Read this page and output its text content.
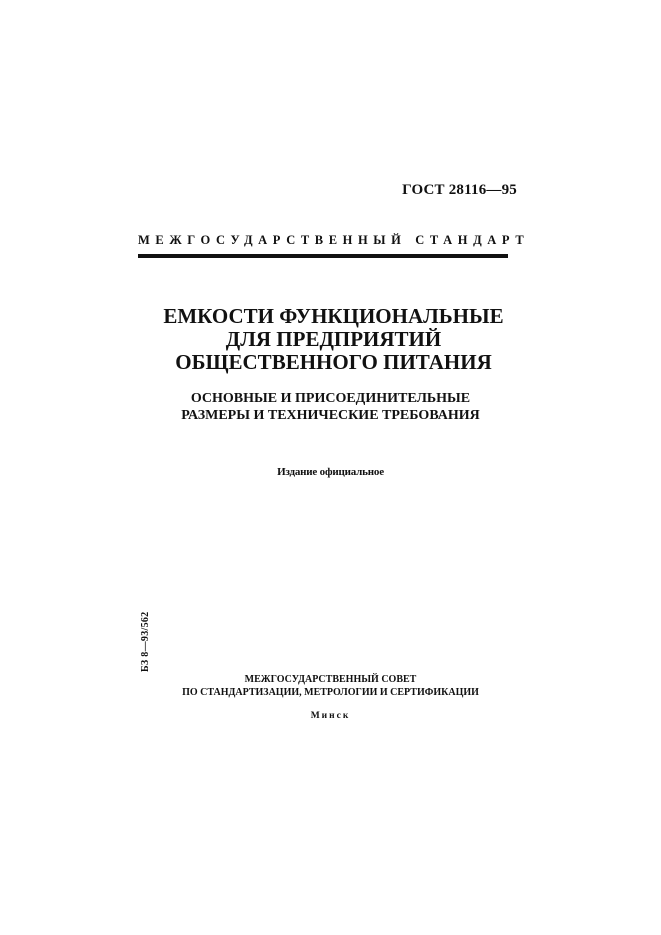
ГОСТ 28116—95
МЕЖГОСУДАРСТВЕННЫЙ СТАНДАРТ
ЕМКОСТИ ФУНКЦИОНАЛЬНЫЕ
ДЛЯ ПРЕДПРИЯТИЙ
ОБЩЕСТВЕННОГО ПИТАНИЯ
ОСНОВНЫЕ И ПРИСОЕДИНИТЕЛЬНЫЕ
РАЗМЕРЫ И ТЕХНИЧЕСКИЕ ТРЕБОВАНИЯ
Издание официальное
БЗ 8—93/562
МЕЖГОСУДАРСТВЕННЫЙ СОВЕТ
ПО СТАНДАРТИЗАЦИИ, МЕТРОЛОГИИ И СЕРТИФИКАЦИИ
Минск
